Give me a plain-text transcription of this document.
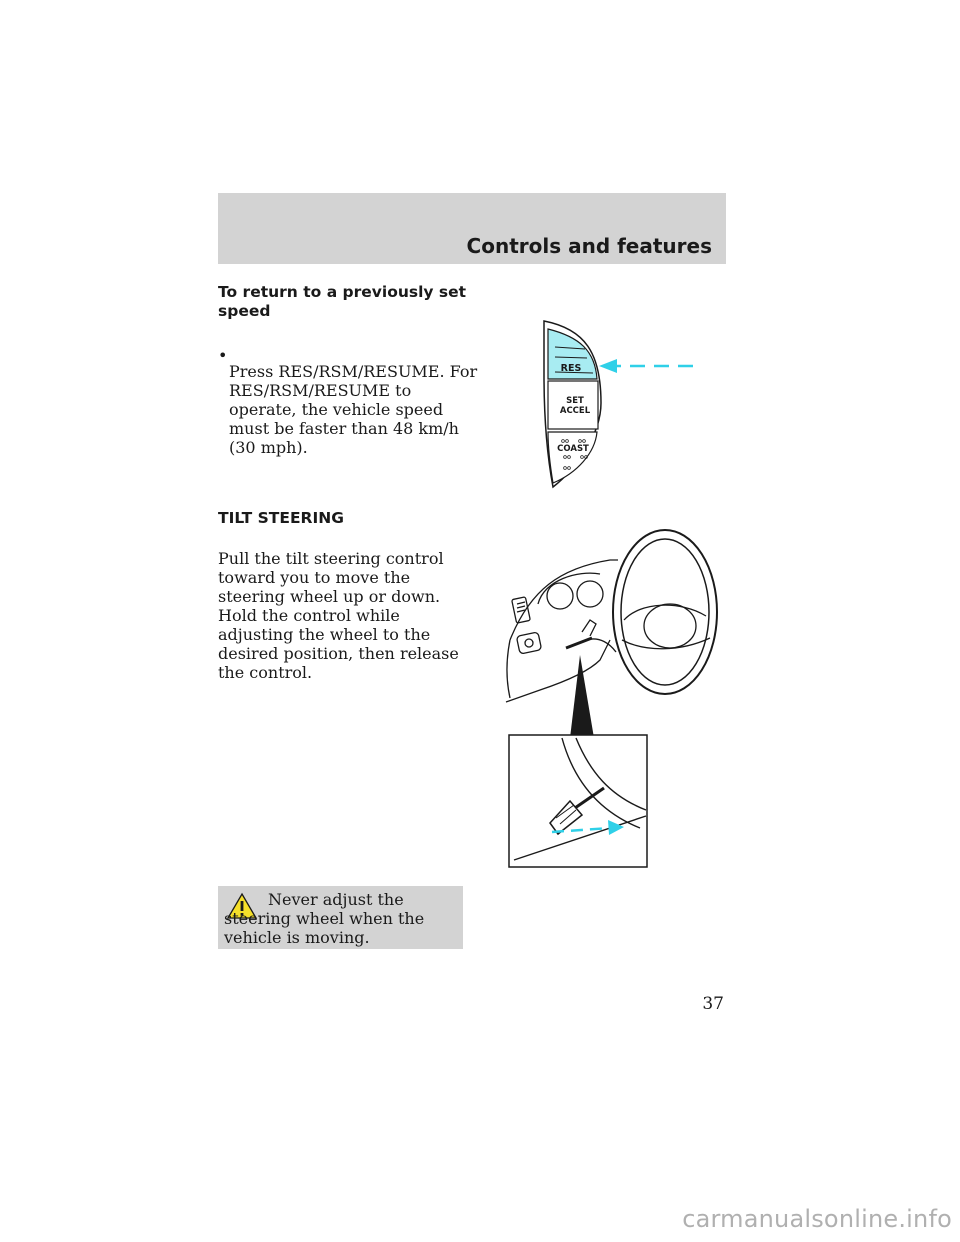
Controls and features
To return to a previously set speed
•

Press RES/RSM/RESUME. For RES/RSM/RESUME to operate, the vehicle speed must be faster than 48 km/h (30 mph).

RES
SET
ACCEL
COAST
TILT STEERING

Pull the tilt steering control toward you to move the steering wheel up or down. Hold the control while adjusting the wheel to the desired position, then release the control.

Never adjust the steering wheel when the vehicle is moving.

37
carmanualsonline.info
